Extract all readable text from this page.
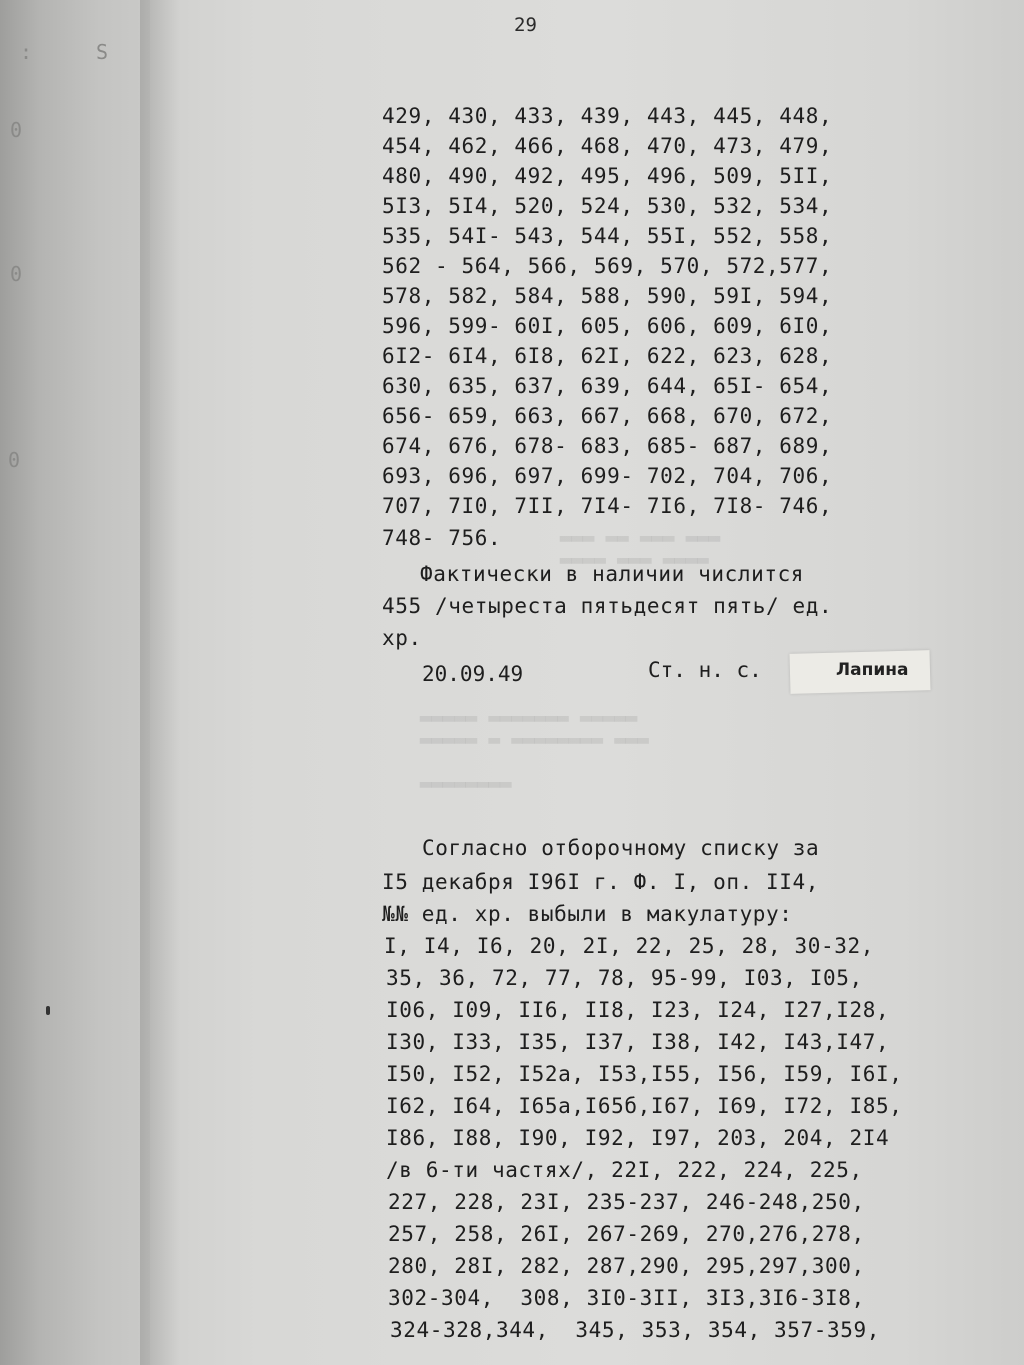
:	S
0
0
0
▂▂▂ ▂▂ ▂▂▂ ▂▂▂
▂▂▂▂ ▂▂▂ ▂▂▂▂
▂▂▂▂▂ ▂▂▂▂▂▂▂ ▂▂▂▂▂
▂▂▂▂▂ ▂ ▂▂▂▂▂▂▂▂ ▂▂▂

▂▂▂▂▂▂▂▂
29
429, 430, 433, 439, 443, 445, 448,
454, 462, 466, 468, 470, 473, 479,
480, 490, 492, 495, 496, 509, 5II,
5I3, 5I4, 520, 524, 530, 532, 534,
535, 54I- 543, 544, 55I, 552, 558,
562 - 564, 566, 569, 570, 572,577,
578, 582, 584, 588, 590, 59I, 594,
596, 599- 60I, 605, 606, 609, 6I0,
6I2- 6I4, 6I8, 62I, 622, 623, 628,
630, 635, 637, 639, 644, 65I- 654,
656- 659, 663, 667, 668, 670, 672,
674, 676, 678- 683, 685- 687, 689,
693, 696, 697, 699- 702, 704, 706,
707, 7I0, 7II, 7I4- 7I6, 7I8- 746,
748- 756.
Фактически в наличии числится
455 /четыреста пятьдесят пять/ ед.
хр.
20.09.49	Ст. н. с.	Лапина
Согласно отборочному списку за
I5 декабря I96I г. Ф. I, оп. II4,
№№ ед. хр. выбыли в макулатуру:
I, I4, I6, 20, 2I, 22, 25, 28, 30-32,
35, 36, 72, 77, 78, 95-99, I03, I05,
I06, I09, II6, II8, I23, I24, I27,I28,
I30, I33, I35, I37, I38, I42, I43,I47,
I50, I52, I52a, I53,I55, I56, I59, I6I,
I62, I64, I65a,I65б,I67, I69, I72, I85,
I86, I88, I90, I92, I97, 203, 204, 2I4
/в 6-ти частях/, 22I, 222, 224, 225,
227, 228, 23I, 235-237, 246-248,250,
257, 258, 26I, 267-269, 270,276,278,
280, 28I, 282, 287,290, 295,297,300,
302-304,  308, 3I0-3II, 3I3,3I6-3I8,
324-328,344,  345, 353, 354, 357-359,
